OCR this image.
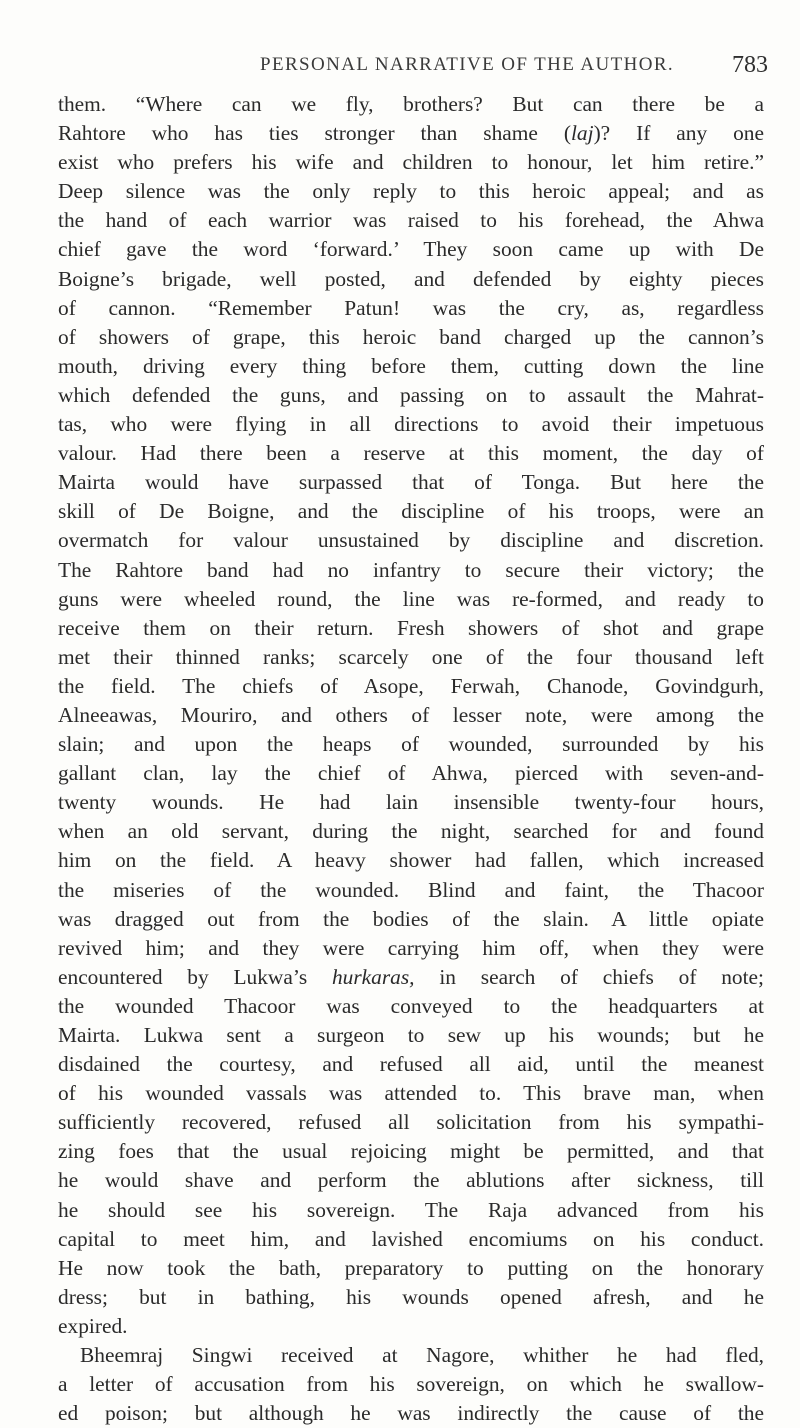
PERSONAL NARRATIVE OF THE AUTHOR. 783
them. “Where can we fly, brothers? But can there be a
Rahtore who has ties stronger than shame (laj)? If any one
exist who prefers his wife and children to honour, let him retire.”
Deep silence was the only reply to this heroic appeal; and as
the hand of each warrior was raised to his forehead, the Ahwa
chief gave the word ‘forward.’ They soon came up with De
Boigne’s brigade, well posted, and defended by eighty pieces
of cannon. “Remember Patun! was the cry, as, regardless
of showers of grape, this heroic band charged up the cannon’s
mouth, driving every thing before them, cutting down the line
which defended the guns, and passing on to assault the Mahrat-
tas, who were flying in all directions to avoid their impetuous
valour. Had there been a reserve at this moment, the day of
Mairta would have surpassed that of Tonga. But here the
skill of De Boigne, and the discipline of his troops, were an
overmatch for valour unsustained by discipline and discretion.
The Rahtore band had no infantry to secure their victory; the
guns were wheeled round, the line was re-formed, and ready to
receive them on their return. Fresh showers of shot and grape
met their thinned ranks; scarcely one of the four thousand left
the field. The chiefs of Asope, Ferwah, Chanode, Govindgurh,
Alneeawas, Mouriro, and others of lesser note, were among the
slain; and upon the heaps of wounded, surrounded by his
gallant clan, lay the chief of Ahwa, pierced with seven-and-
twenty wounds. He had lain insensible twenty-four hours,
when an old servant, during the night, searched for and found
him on the field. A heavy shower had fallen, which increased
the miseries of the wounded. Blind and faint, the Thacoor
was dragged out from the bodies of the slain. A little opiate
revived him; and they were carrying him off, when they were
encountered by Lukwa’s hurkaras, in search of chiefs of note;
the wounded Thacoor was conveyed to the headquarters at
Mairta. Lukwa sent a surgeon to sew up his wounds; but he
disdained the courtesy, and refused all aid, until the meanest
of his wounded vassals was attended to. This brave man, when
sufficiently recovered, refused all solicitation from his sympathi-
zing foes that the usual rejoicing might be permitted, and that
he would shave and perform the ablutions after sickness, till
he should see his sovereign. The Raja advanced from his
capital to meet him, and lavished encomiums on his conduct.
He now took the bath, preparatory to putting on the honorary
dress; but in bathing, his wounds opened afresh, and he
expired.
Bheemraj Singwi received at Nagore, whither he had fled,
a letter of accusation from his sovereign, on which he swallow-
ed poison; but although he was indirectly the cause of the
